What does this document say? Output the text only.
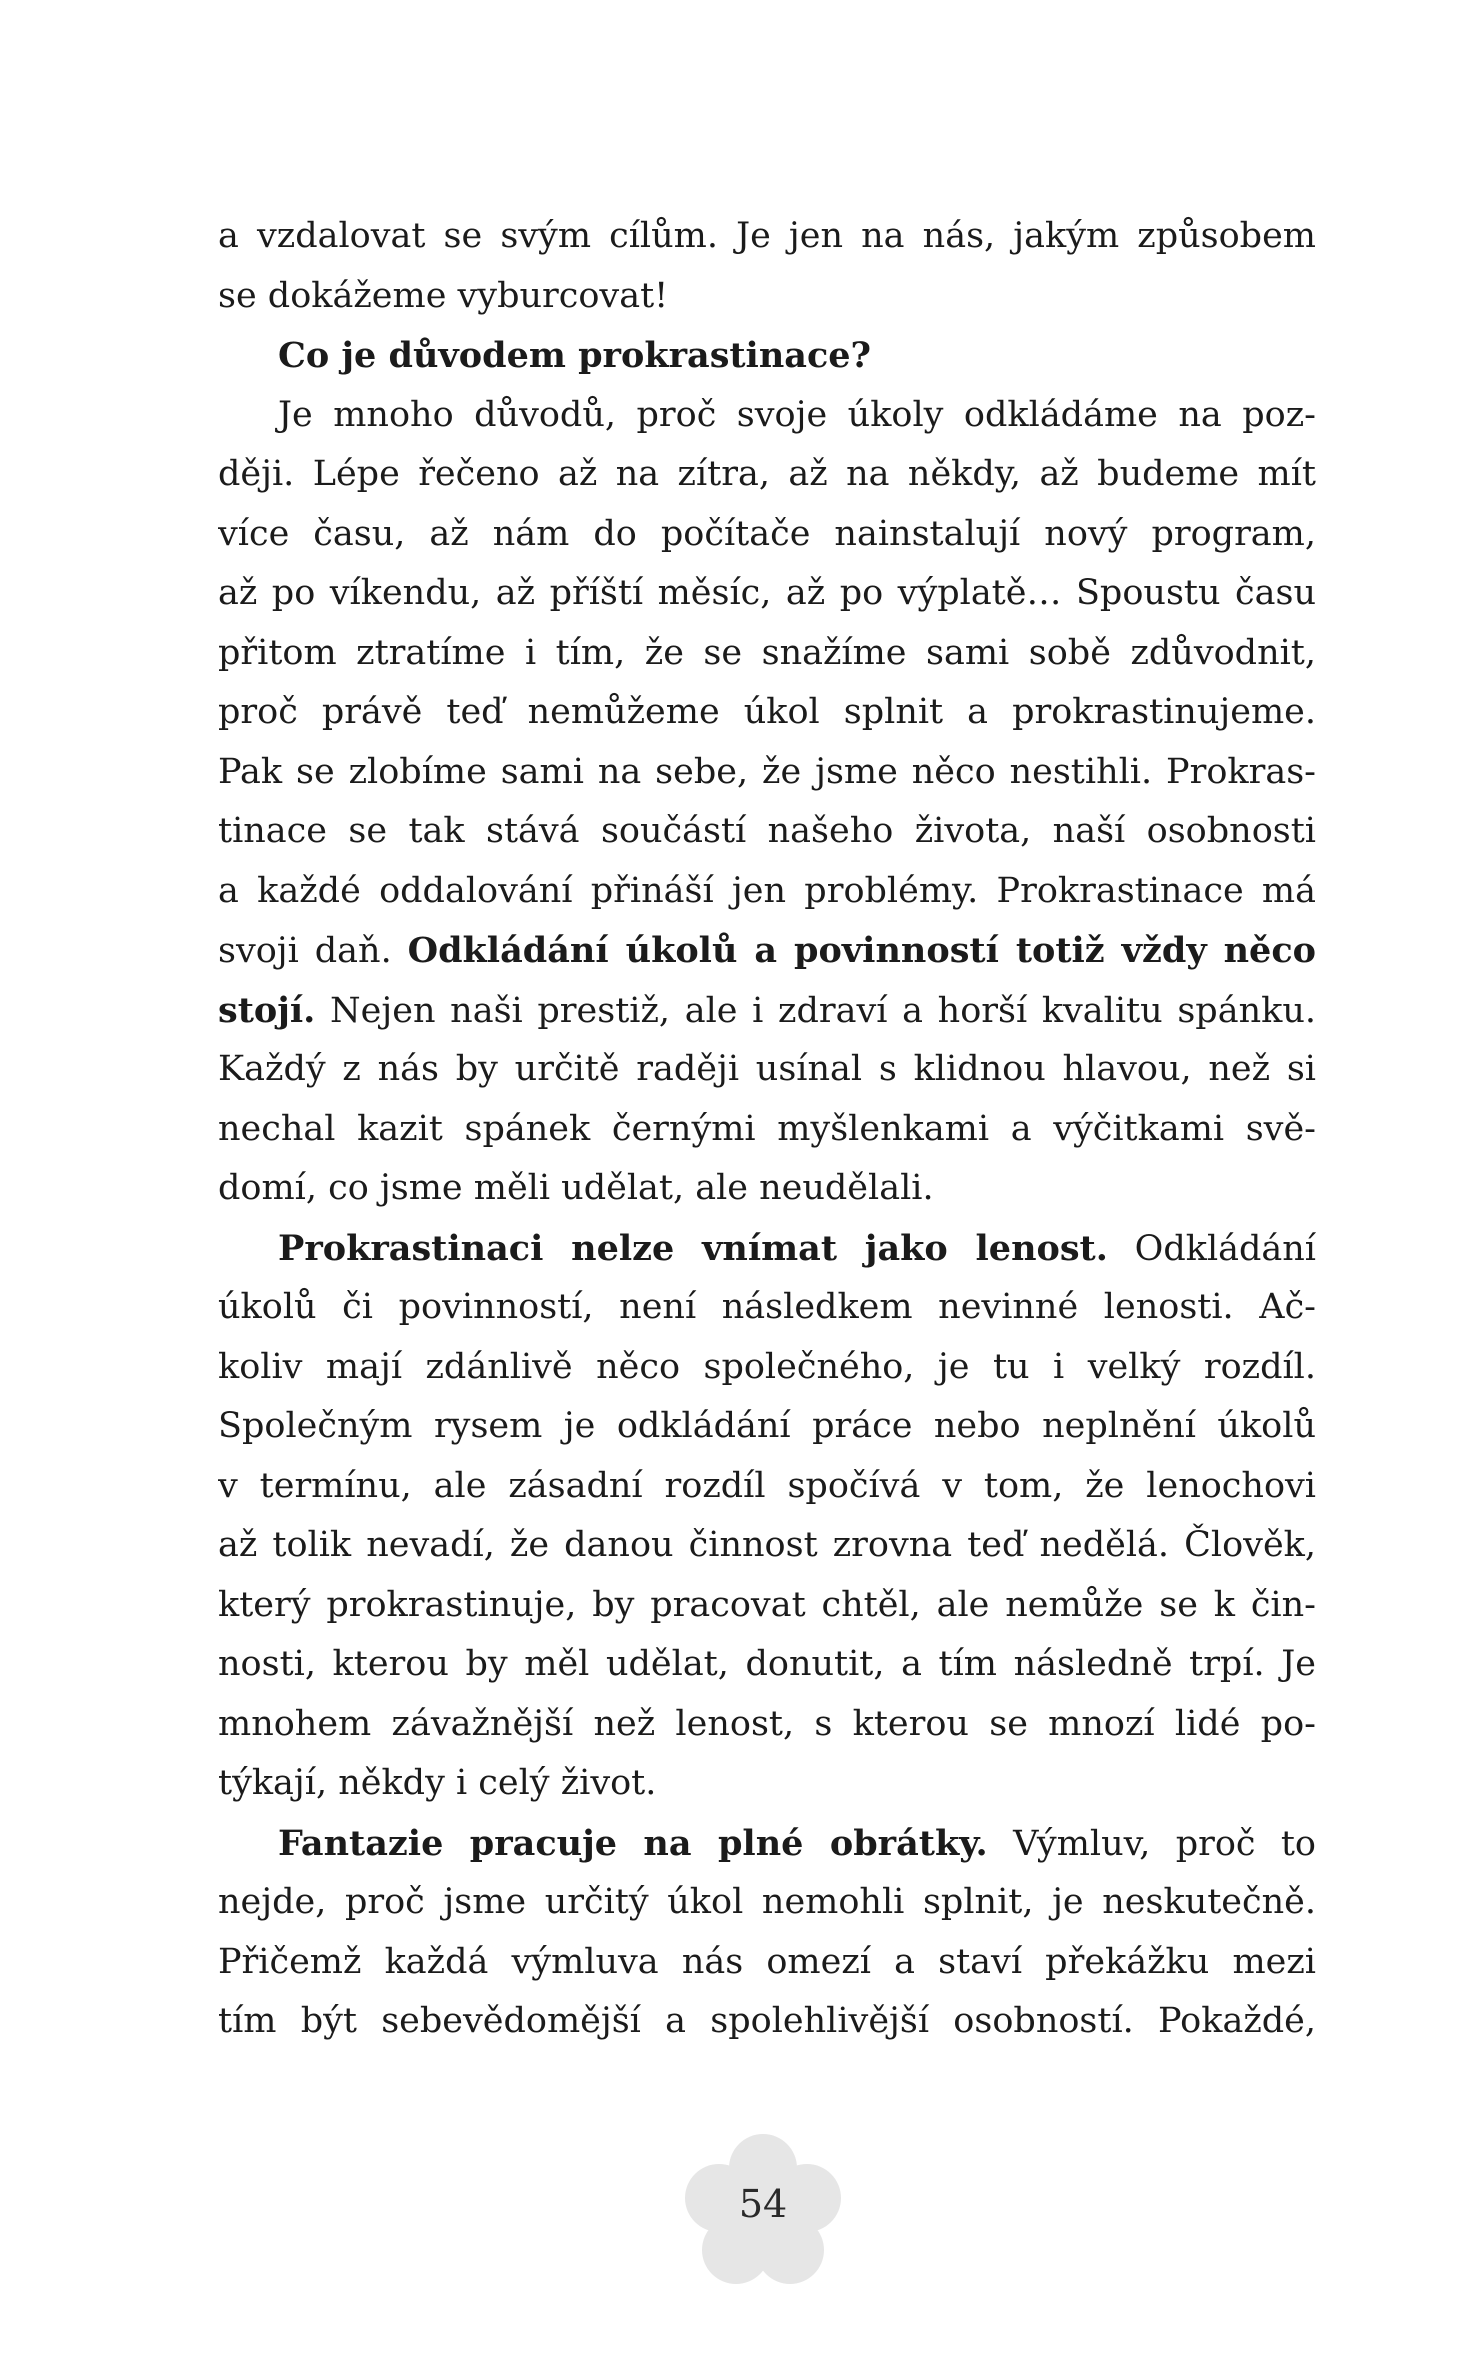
a vzdalovat se svým cílům. Je jen na nás, jakým způsobem
se dokážeme vyburcovat!
Co je důvodem prokrastinace?
Je mnoho důvodů, proč svoje úkoly odkládáme na poz-
ději. Lépe řečeno až na zítra, až na někdy, až budeme mít
více času, až nám do počítače nainstalují nový program,
až po víkendu, až příští měsíc, až po výplatě… Spoustu času
přitom ztratíme i tím, že se snažíme sami sobě zdůvodnit,
proč právě teď nemůžeme úkol splnit a prokrastinujeme.
Pak se zlobíme sami na sebe, že jsme něco nestihli. Prokras-
tinace se tak stává součástí našeho života, naší osobnosti
a každé oddalování přináší jen problémy. Prokrastinace má
svoji daň. Odkládání úkolů a povinností totiž vždy něco
stojí. Nejen naši prestiž, ale i zdraví a horší kvalitu spánku.
Každý z nás by určitě raději usínal s klidnou hlavou, než si
nechal kazit spánek černými myšlenkami a výčitkami svě-
domí, co jsme měli udělat, ale neudělali.
Prokrastinaci nelze vnímat jako lenost. Odkládání
úkolů či povinností, není následkem nevinné lenosti. Ač-
koliv mají zdánlivě něco společného, je tu i velký rozdíl.
Společným rysem je odkládání práce nebo neplnění úkolů
v termínu, ale zásadní rozdíl spočívá v tom, že lenochovi
až tolik nevadí, že danou činnost zrovna teď nedělá. Člověk,
který prokrastinuje, by pracovat chtěl, ale nemůže se k čin-
nosti, kterou by měl udělat, donutit, a tím následně trpí. Je
mnohem závažnější než lenost, s kterou se mnozí lidé po-
týkají, někdy i celý život.
Fantazie pracuje na plné obrátky. Výmluv, proč to
nejde, proč jsme určitý úkol nemohli splnit, je neskutečně.
Přičemž každá výmluva nás omezí a staví překážku mezi
tím být sebevědomější a spolehlivější osobností. Pokaždé,
54
